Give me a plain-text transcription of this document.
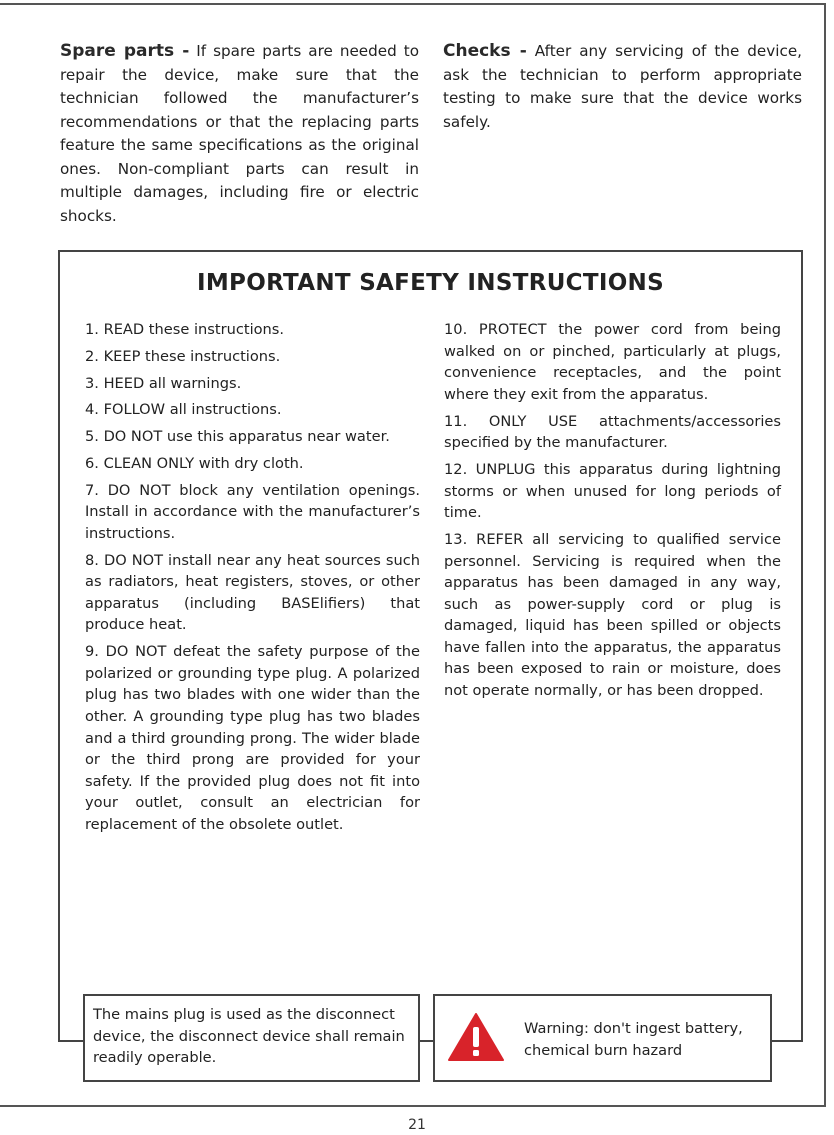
Spare parts - If spare parts are needed to repair the device, make sure that the technician followed the manufacturer’s recommendations or that the replacing parts feature the same specifications as the original ones. Non-compliant parts can result in multiple damages, including fire or electric shocks.
Checks - After any servicing of the device, ask the technician to perform appropriate testing to make sure that the device works safely.
IMPORTANT SAFETY INSTRUCTIONS

1. READ these instructions.

2. KEEP these instructions.

3. HEED all warnings.

4. FOLLOW all instructions.

5. DO NOT use this apparatus near water.

6. CLEAN ONLY with dry cloth.

7. DO NOT block any ventilation openings. Install in accordance with the manufacturer’s instructions.

8. DO NOT install near any heat sources such as radiators, heat registers, stoves, or other apparatus (including BASElifiers) that produce heat.

9. DO NOT defeat the safety purpose of the polarized or grounding type plug. A polarized plug has two blades with one wider than the other. A grounding type plug has two blades and a third grounding prong. The wider blade or the third prong are provided for your safety. If the provided plug does not fit into your outlet, consult an electrician for replacement of the obsolete outlet.

10. PROTECT the power cord from being walked on or pinched, particularly at plugs, convenience receptacles, and the point where they exit from the apparatus.

11. ONLY USE attachments/accessories specified by the manufacturer.

12. UNPLUG this apparatus during lightning storms or when unused for long periods of time.

13. REFER all servicing to qualified service personnel. Servicing is required when the apparatus has been damaged in any way, such as power-supply cord or plug is damaged, liquid has been spilled or objects have fallen into the apparatus, the apparatus has been exposed to rain or moisture, does not operate normally, or has been dropped.

The mains plug is used as the disconnect device, the disconnect device shall remain readily operable.
Warning: don't ingest battery, chemical burn hazard
21
